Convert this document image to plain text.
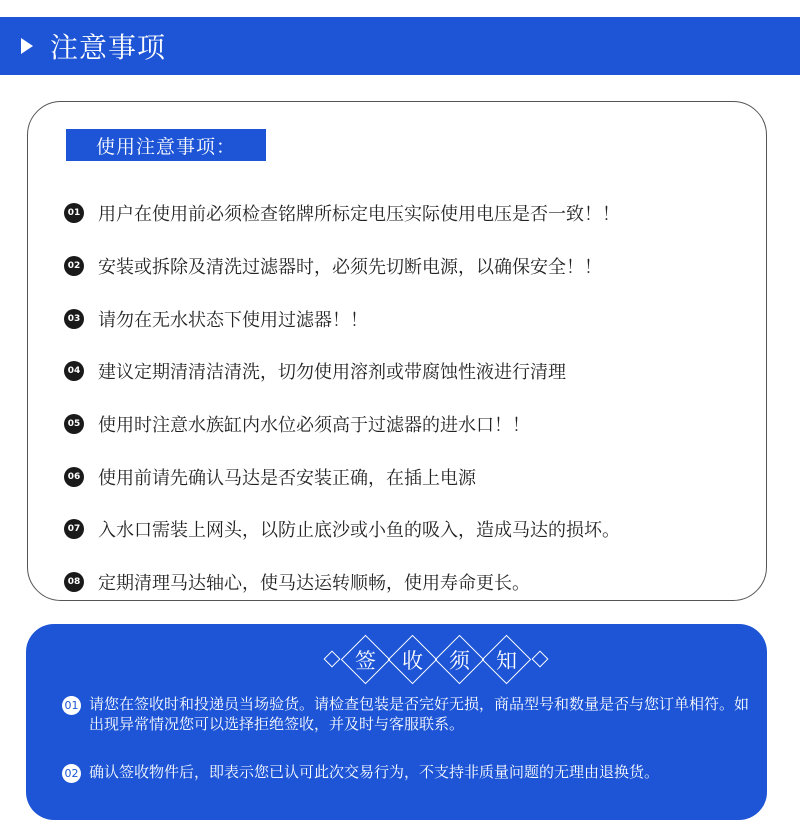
注意事项
使用注意事项：
01 用户在使用前必须检查铭牌所标定电压实际使用电压是否一致！！
02 安装或拆除及清洗过滤器时，必须先切断电源，以确保安全！！
03 请勿在无水状态下使用过滤器！！
04 建议定期清清洁清洗，切勿使用溶剂或带腐蚀性液进行清理
05 使用时注意水族缸内水位必须高于过滤器的进水口！！
06 使用前请先确认马达是否安装正确，在插上电源
07 入水口需装上网头，以防止底沙或小鱼的吸入，造成马达的损坏。
08 定期清理马达轴心，使马达运转顺畅，使用寿命更长。
签 收 须 知
01 请您在签收时和投递员当场验货。请检查包装是否完好无损，商品型号和数量是否与您订单相符。如出现异常情况您可以选择拒绝签收，并及时与客服联系。
02 确认签收物件后，即表示您已认可此次交易行为，不支持非质量问题的无理由退换货。
